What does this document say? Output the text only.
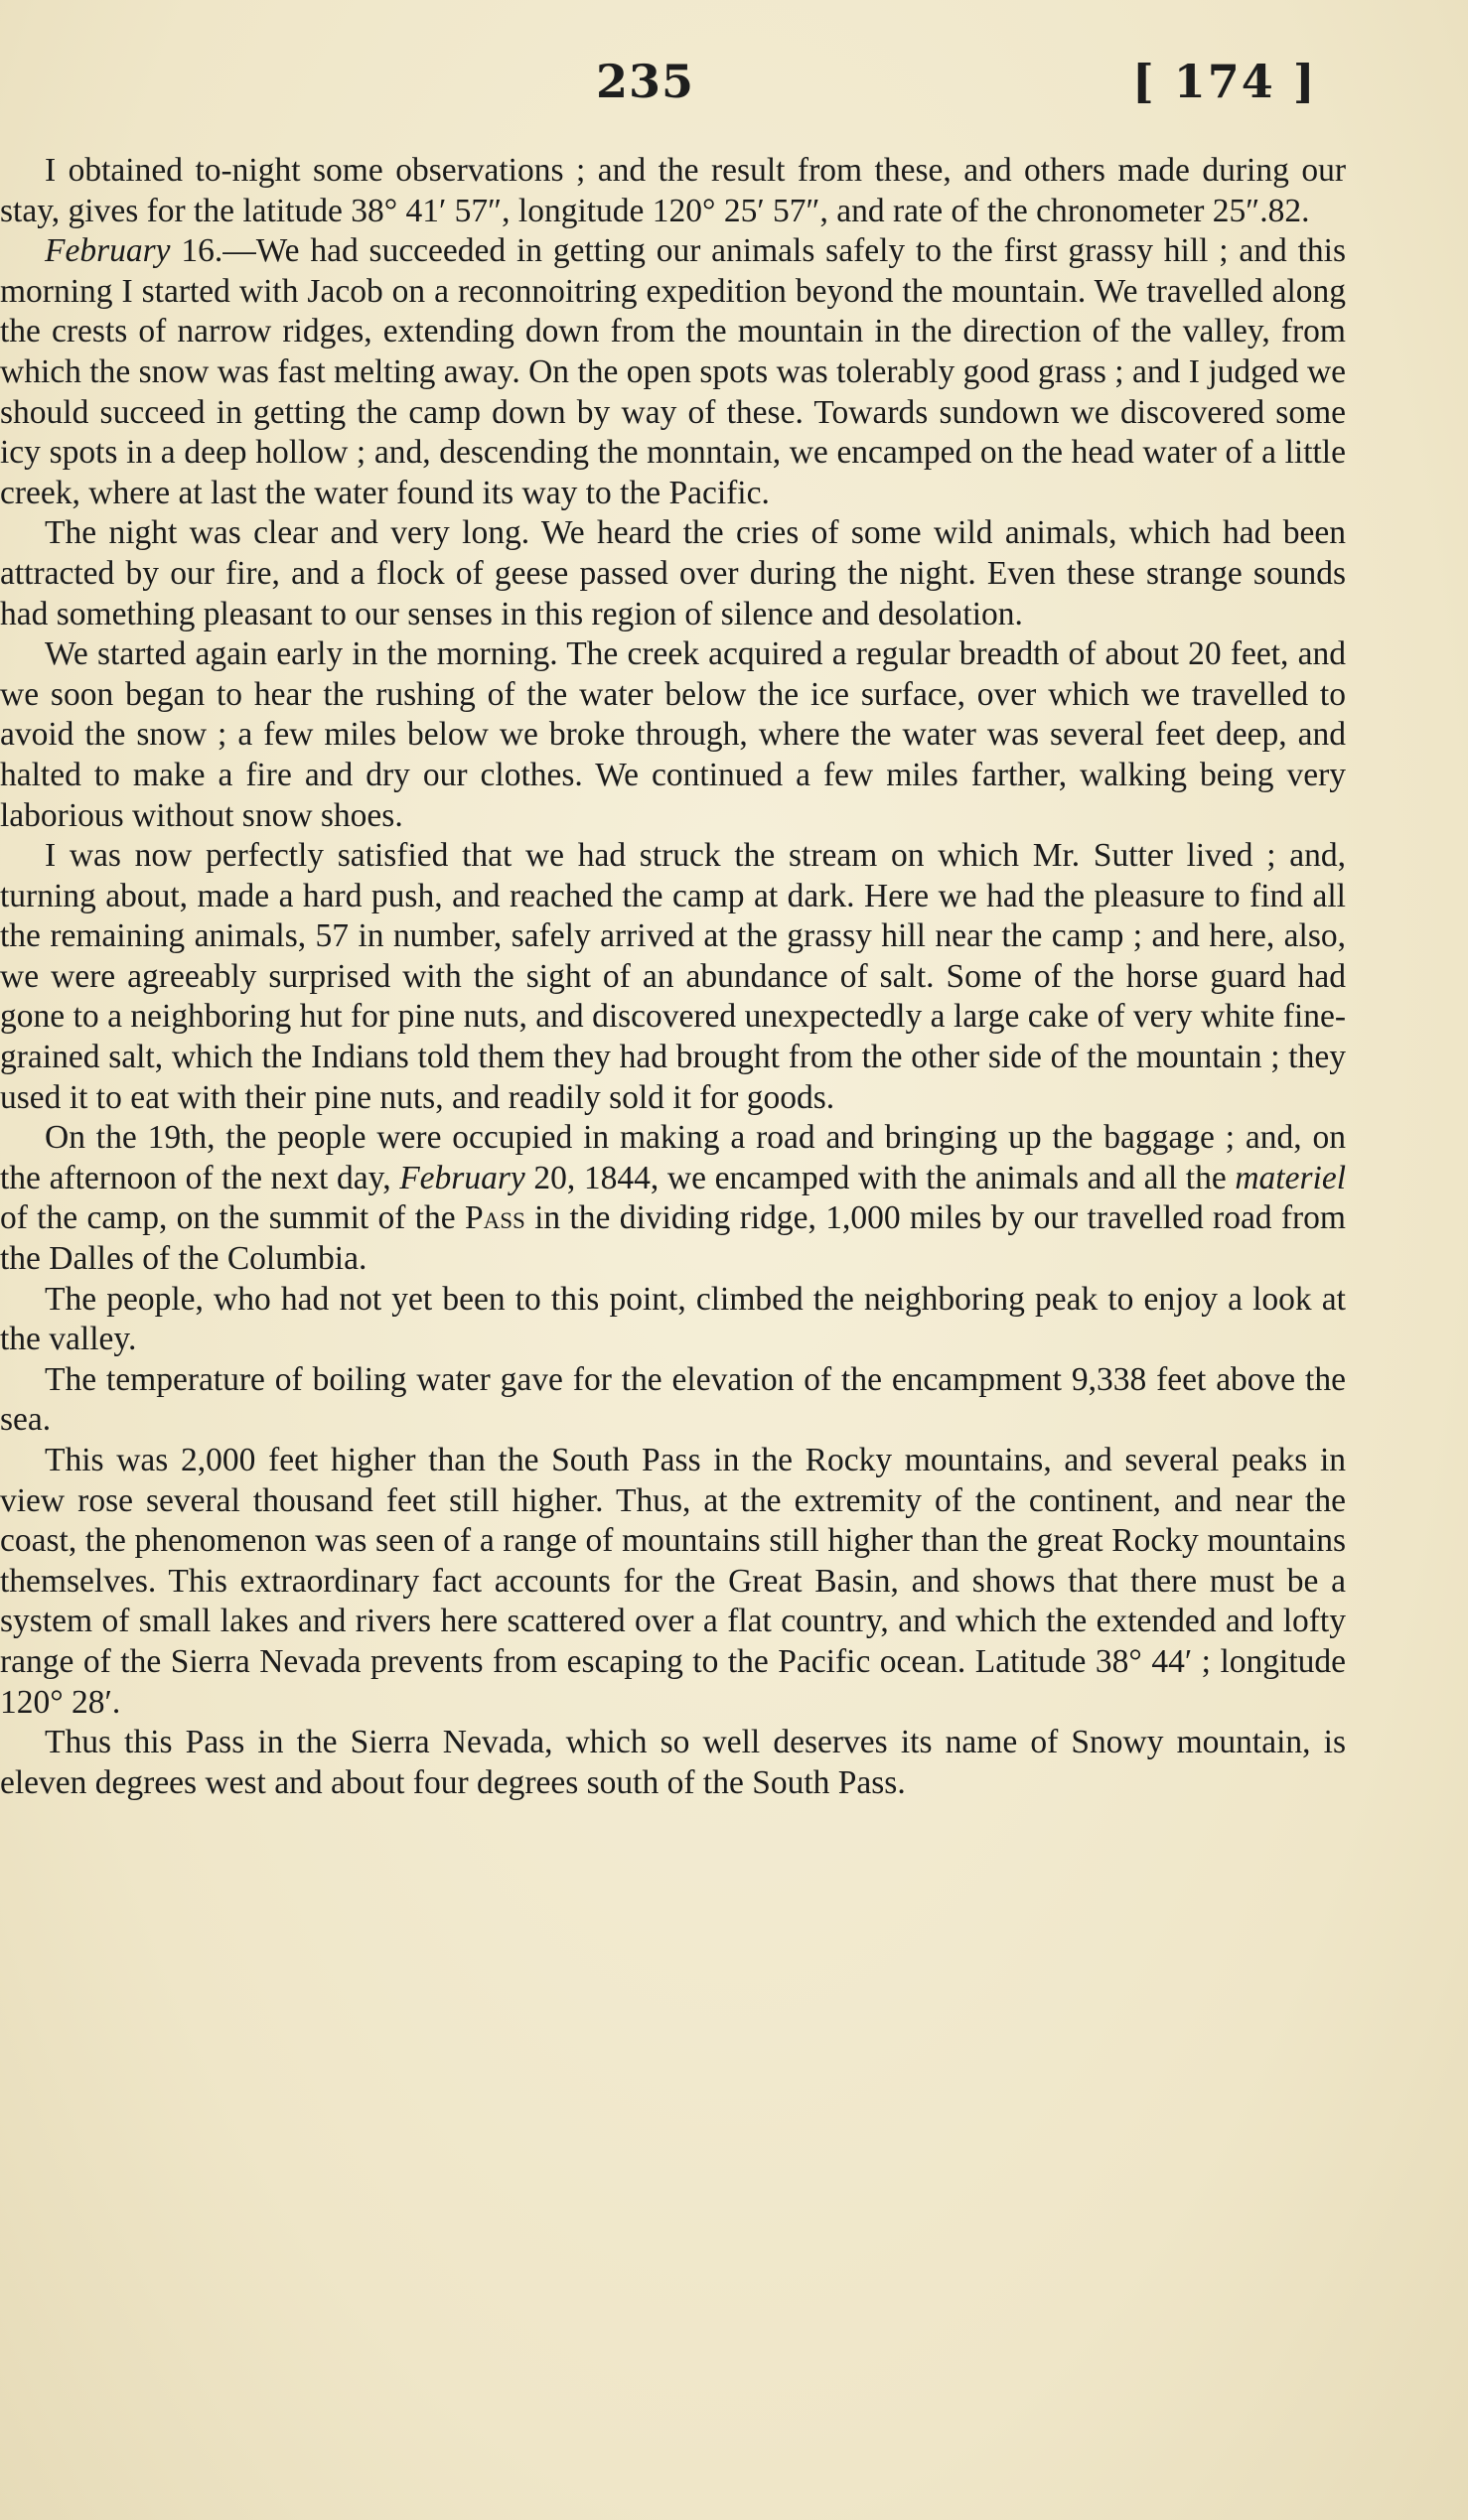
235	[ 174 ]

I obtained to-night some observations ; and the result from these, and others made during our stay, gives for the latitude 38° 41′ 57″, longitude 120° 25′ 57″, and rate of the chronometer 25″.82.

February 16.—We had succeeded in getting our animals safely to the first grassy hill ; and this morning I started with Jacob on a reconnoitring expedition beyond the mountain. We travelled along the crests of narrow ridges, extending down from the mountain in the direction of the valley, from which the snow was fast melting away. On the open spots was tolerably good grass ; and I judged we should succeed in getting the camp down by way of these. Towards sundown we discovered some icy spots in a deep hollow ; and, descending the monntain, we encamped on the head water of a little creek, where at last the water found its way to the Pacific.

The night was clear and very long. We heard the cries of some wild animals, which had been attracted by our fire, and a flock of geese passed over during the night. Even these strange sounds had something pleasant to our senses in this region of silence and desolation.

We started again early in the morning. The creek acquired a regular breadth of about 20 feet, and we soon began to hear the rushing of the water below the ice surface, over which we travelled to avoid the snow ; a few miles below we broke through, where the water was several feet deep, and halted to make a fire and dry our clothes. We continued a few miles farther, walking being very laborious without snow shoes.

I was now perfectly satisfied that we had struck the stream on which Mr. Sutter lived ; and, turning about, made a hard push, and reached the camp at dark. Here we had the pleasure to find all the remaining animals, 57 in number, safely arrived at the grassy hill near the camp ; and here, also, we were agreeably surprised with the sight of an abundance of salt. Some of the horse guard had gone to a neighboring hut for pine nuts, and discovered unexpectedly a large cake of very white fine-grained salt, which the Indians told them they had brought from the other side of the mountain ; they used it to eat with their pine nuts, and readily sold it for goods.

On the 19th, the people were occupied in making a road and bringing up the baggage ; and, on the afternoon of the next day, February 20, 1844, we encamped with the animals and all the materiel of the camp, on the summit of the Pass in the dividing ridge, 1,000 miles by our travelled road from the Dalles of the Columbia.

The people, who had not yet been to this point, climbed the neighboring peak to enjoy a look at the valley.

The temperature of boiling water gave for the elevation of the encampment 9,338 feet above the sea.

This was 2,000 feet higher than the South Pass in the Rocky mountains, and several peaks in view rose several thousand feet still higher. Thus, at the extremity of the continent, and near the coast, the phenomenon was seen of a range of mountains still higher than the great Rocky mountains themselves. This extraordinary fact accounts for the Great Basin, and shows that there must be a system of small lakes and rivers here scattered over a flat country, and which the extended and lofty range of the Sierra Nevada prevents from escaping to the Pacific ocean. Latitude 38° 44′ ; longitude 120° 28′.

Thus this Pass in the Sierra Nevada, which so well deserves its name of Snowy mountain, is eleven degrees west and about four degrees south of the South Pass.
